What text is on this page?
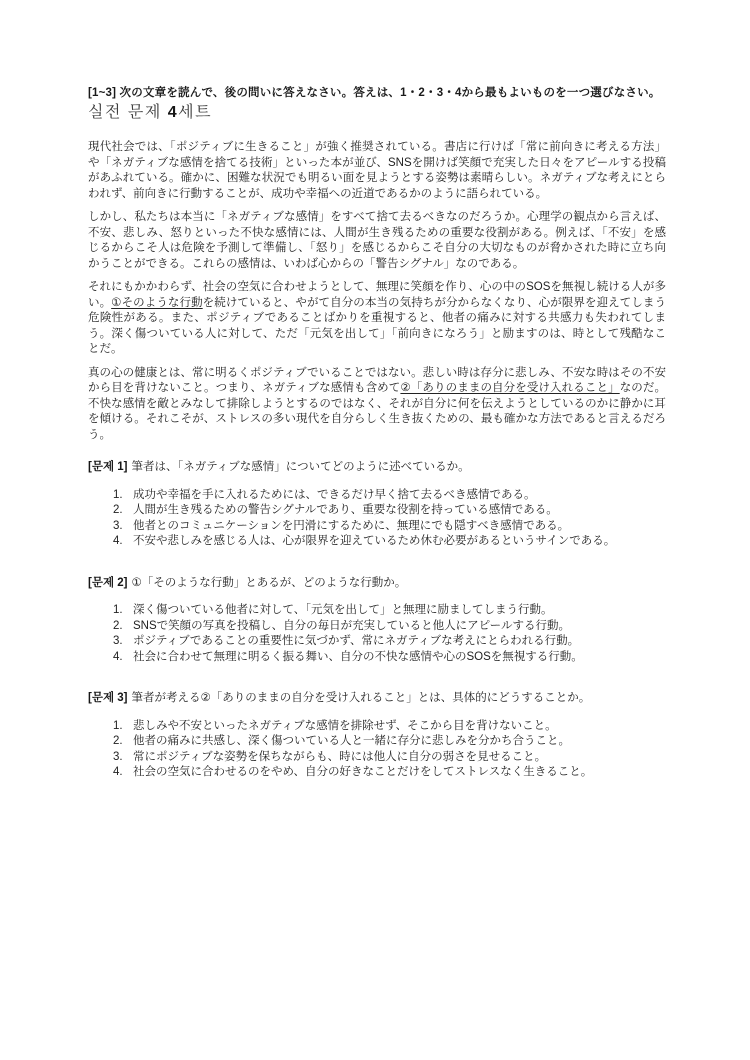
[1~3] 次の文章を読んで、後の問いに答えなさい。答えは、1・2・3・4から最もよいものを一つ選びなさい。

실전 문제 4세트

現代社会では、「ポジティブに生きること」が強く推奨されている。書店に行けば「常に前向きに考える方法」や「ネガティブな感情を捨てる技術」といった本が並び、SNSを開けば笑顔で充実した日々をアピールする投稿があふれている。確かに、困難な状況でも明るい面を見ようとする姿勢は素晴らしい。ネガティブな考えにとらわれず、前向きに行動することが、成功や幸福への近道であるかのように語られている。

しかし、私たちは本当に「ネガティブな感情」をすべて捨て去るべきなのだろうか。心理学の観点から言えば、不安、悲しみ、怒りといった不快な感情には、人間が生き残るための重要な役割がある。例えば、「不安」を感じるからこそ人は危険を予測して準備し、「怒り」を感じるからこそ自分の大切なものが脅かされた時に立ち向かうことができる。これらの感情は、いわば心からの「警告シグナル」なのである。

それにもかかわらず、社会の空気に合わせようとして、無理に笑顔を作り、心の中のSOSを無視し続ける人が多い。①そのような行動を続けていると、やがて自分の本当の気持ちが分からなくなり、心が限界を迎えてしまう危険性がある。また、ポジティブであることばかりを重視すると、他者の痛みに対する共感力も失われてしまう。深く傷ついている人に対して、ただ「元気を出して」「前向きになろう」と励ますのは、時として残酷なことだ。

真の心の健康とは、常に明るくポジティブでいることではない。悲しい時は存分に悲しみ、不安な時はその不安から目を背けないこと。つまり、ネガティブな感情も含めて②「ありのままの自分を受け入れること」なのだ。不快な感情を敵とみなして排除しようとするのではなく、それが自分に何を伝えようとしているのかに静かに耳を傾ける。それこそが、ストレスの多い現代を自分らしく生き抜くための、最も確かな方法であると言えるだろう。

[문제 1] 筆者は、「ネガティブな感情」についてどのように述べているか。

1. 成功や幸福を手に入れるためには、できるだけ早く捨て去るべき感情である。
2. 人間が生き残るための警告シグナルであり、重要な役割を持っている感情である。
3. 他者とのコミュニケーションを円滑にするために、無理にでも隠すべき感情である。
4. 不安や悲しみを感じる人は、心が限界を迎えているため休む必要があるというサインである。

[문제 2] ①「そのような行動」とあるが、どのような行動か。

1. 深く傷ついている他者に対して、「元気を出して」と無理に励ましてしまう行動。
2. SNSで笑顔の写真を投稿し、自分の毎日が充実していると他人にアピールする行動。
3. ポジティブであることの重要性に気づかず、常にネガティブな考えにとらわれる行動。
4. 社会に合わせて無理に明るく振る舞い、自分の不快な感情や心のSOSを無視する行動。

[문제 3] 筆者が考える②「ありのままの自分を受け入れること」とは、具体的にどうすることか。

1. 悲しみや不安といったネガティブな感情を排除せず、そこから目を背けないこと。
2. 他者の痛みに共感し、深く傷ついている人と一緒に存分に悲しみを分かち合うこと。
3. 常にポジティブな姿勢を保ちながらも、時には他人に自分の弱さを見せること。
4. 社会の空気に合わせるのをやめ、自分の好きなことだけをしてストレスなく生きること。
